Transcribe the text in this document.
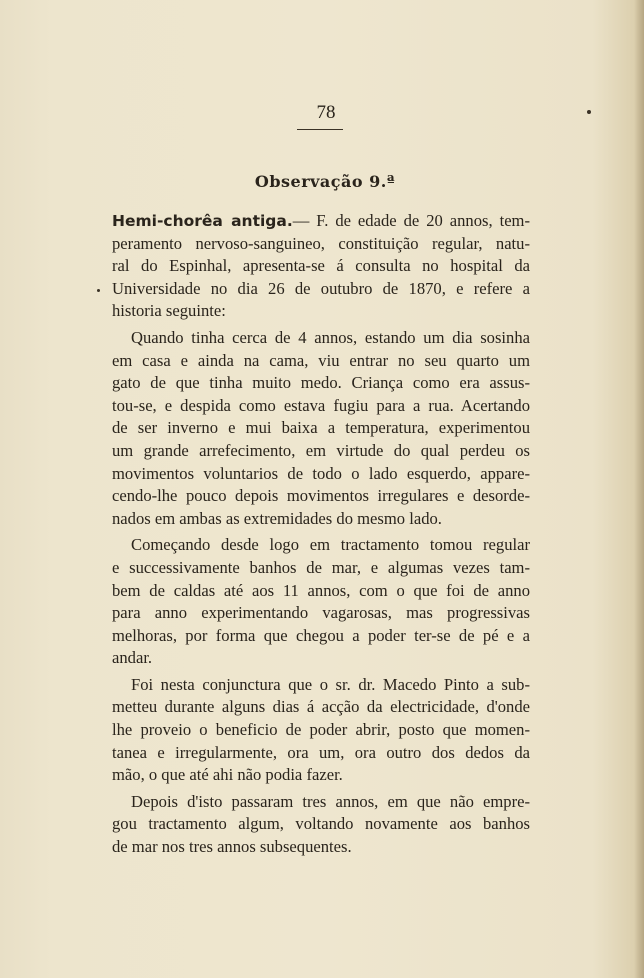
78
Observação 9.ª
Hemi-chorêa antiga.— F. de edade de 20 annos, tem-
peramento nervoso-sanguineo, constituição regular, natu-
ral do Espinhal, apresenta-se á consulta no hospital da
Universidade no dia 26 de outubro de 1870, e refere a
historia seguinte:
Quando tinha cerca de 4 annos, estando um dia sosinha
em casa e ainda na cama, viu entrar no seu quarto um
gato de que tinha muito medo. Criança como era assus-
tou-se, e despida como estava fugiu para a rua. Acertando
de ser inverno e mui baixa a temperatura, experimentou
um grande arrefecimento, em virtude do qual perdeu os
movimentos voluntarios de todo o lado esquerdo, appare-
cendo-lhe pouco depois movimentos irregulares e desorde-
nados em ambas as extremidades do mesmo lado.
Começando desde logo em tractamento tomou regular
e successivamente banhos de mar, e algumas vezes tam-
bem de caldas até aos 11 annos, com o que foi de anno
para anno experimentando vagarosas, mas progressivas
melhoras, por forma que chegou a poder ter-se de pé e a
andar.
Foi nesta conjunctura que o sr. dr. Macedo Pinto a sub-
metteu durante alguns dias á acção da electricidade, d'onde
lhe proveio o beneficio de poder abrir, posto que momen-
tanea e irregularmente, ora um, ora outro dos dedos da
mão, o que até ahi não podia fazer.
Depois d'isto passaram tres annos, em que não empre-
gou tractamento algum, voltando novamente aos banhos
de mar nos tres annos subsequentes.
